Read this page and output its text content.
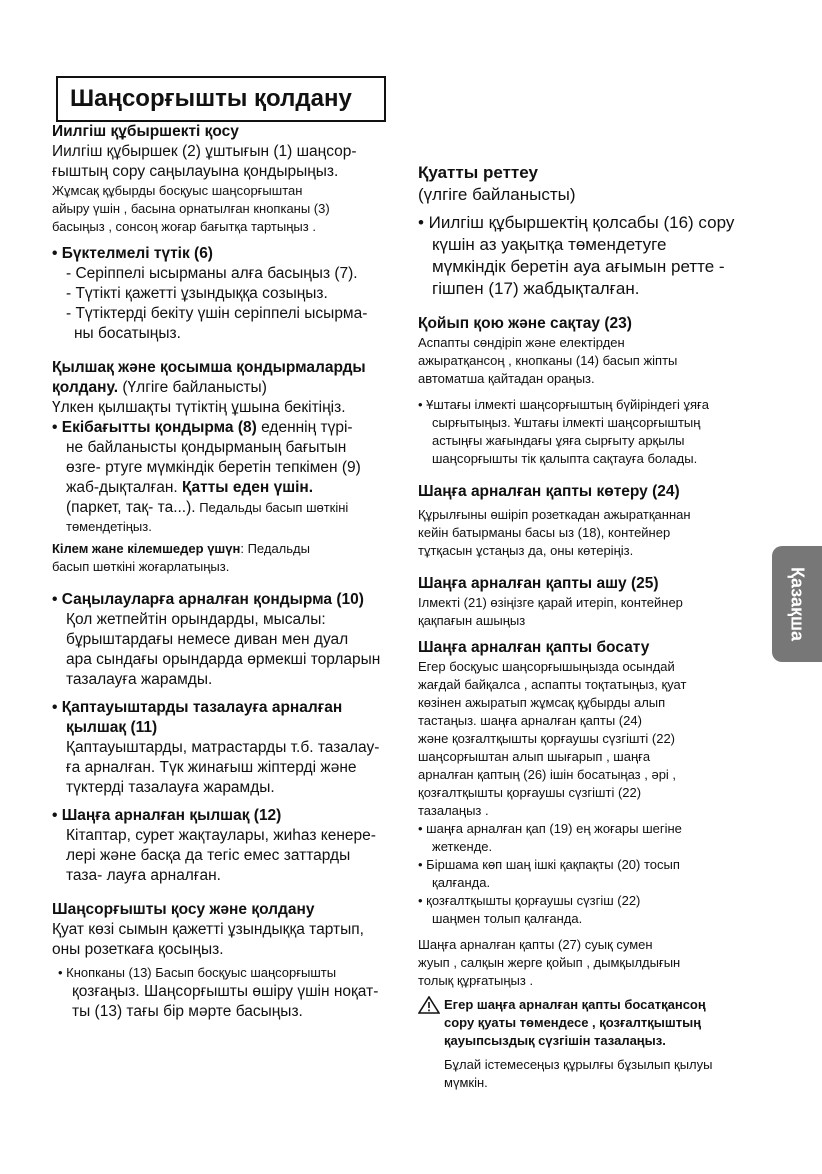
Шаңсорғышты қолдану

Иилгіш құбыршекті қосу

Иилгіш құбыршек (2) ұштығын (1) шаңсор-

ғыштың сору саңылауына қондырыңыз.

Жұмсақ құбырды босқуыс шаңсорғыштан

айыру үшін , басына орнатылған кнопканы (3)

басыңыз , сонсоң жоғар бағытқа тартыңыз .

• Бүктелмелі түтік (6)

- Серіппелі ысырманы алға басыңыз (7).

- Түтікті қажетті ұзындыққа созыңыз.

- Түтіктерді бекіту үшін серіппелі ысырма-

ны босатыңыз.

Қылшақ және қосымша қондырмаларды

қолдану. (Үлгіге байланысты)

Үлкен қылшақты түтіктің ұшына бекітіңіз.

• Екібағытты қондырма (8) еденнің түрі-

не байланысты қондырманың бағытын

өзге- ртуге мүмкіндік беретін тепкімен (9)

жаб-дықталған. Қатты еден үшін.

(паркет, тақ- та...). Педальды басып шөткіні

төмендетіңыз.

Кілем жане кілемшедер үшүн: Педальды

басып шөткіні жоғарлатыңыз.

• Саңылауларға арналған қондырма (10)

Қол жетпейтін орындарды, мысалы:

бұрыштардағы немесе диван мен дуал

ара сындағы орындарда өрмекші торларын

тазалауға жарамды.

• Қаптауыштарды тазалауға арналған

қылшақ (11)

Қаптауыштарды, матрастарды т.б. тазалау-

ға арналған. Түк жинағыш жіптерді және

түктерді тазалауға жарамды.

• Шаңға арналған қылшақ (12)

Кітаптар, сурет жақтаулары, жиһаз кенере-

лері және басқа да тегіс емес заттарды

таза- лауға арналған.

Шаңсорғышты қосу және қолдану

Қуат көзі сымын қажетті ұзындыққа тартып,

оны розеткаға қосыңыз.

• Кнопканы (13) Басып босқуыс шаңсорғышты

қозғаңыз. Шаңсорғышты өшіру үшін ноқат-

ты (13) тағы бір мәрте басыңыз.

Қуатты реттеу

(үлгіге байланысты)

• Иилгіш құбыршектің қолсабы (16) сору

күшін аз уақытқа төмендетуге

мүмкіндік беретін ауа ағымын ретте -

гішпен (17) жабдықталған.

Қойып қою және сақтау (23)

Аспапты сөндіріп және електірден

ажыратқансоң , кнопканы (14) басып жіпты

автоматша қайтадан ораңыз.

• Ұштағы ілмекті шаңсорғыштың бүйіріндегі ұяға

сырғытыңыз. Ұштағы ілмекті шаңсорғыштың

астыңғы жағындағы ұяға сырғыту арқылы

шаңсорғышты тік қалыпта сақтауға болады.

Шаңға арналған қапты көтеру (24)

Құрылғыны өшіріп розеткадан ажыратқаннан

кейін батырманы басы ыз (18), контейнер

тұтқасын ұстаңыз да, оны көтеріңіз.

Шаңға арналған қапты ашу (25)

Ілмекті (21) өзіңізге қарай итеріп, контейнер

қақпағын ашыңыз

Шаңға арналған қапты босату

Егер босқуыс шаңсорғышыңызда осындай

жағдай байқалса , аспапты тоқтатыңыз, қуат

көзінен ажыратып жұмсақ құбырды алып

тастаңыз. шаңға арналған қапты (24)

және қозғалтқышты қорғаушы сүзгішті (22)

шаңсорғыштан алып шығарып , шаңға

арналған қаптың (26) ішін босатыңаз , әрі ,

қозғалтқышты қорғаушы сүзгішті (22)

тазалаңыз .

• шаңға арналған қап (19) ең жоғары шегіне

жеткенде.

• Біршама көп шаң ішкі қақпақты (20) тосып

қалғанда.

• қозғалтқышты қорғаушы сүзгіш (22)

шаңмен толып қалғанда.

Шаңға арналған қапты (27) суық сумен

жуып , салқын жерге қойып , дымқылдығын

толық құрғатыңыз .

Егер шаңға арналған қапты босатқансоң

сору қуаты төмендесе , қозғалтқыштың

қауыпсыздық сүзгішін тазалаңыз.

Бұлай істемесеңыз құрылғы бұзылып қылуы

мүмкін.

Қазақша
